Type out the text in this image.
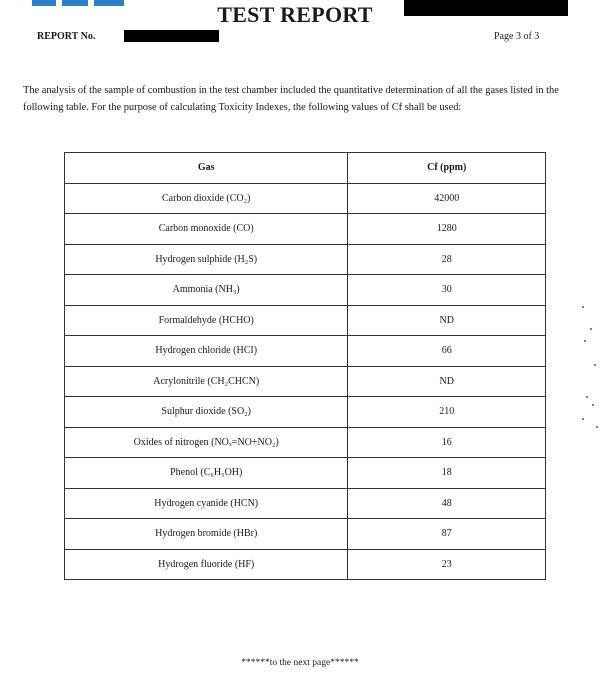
TEST REPORT
REPORT No.	Page 3 of 3
The analysis of the sample of combustion in the test chamber included the quantitative determination of all the gases listed in the following table. For the purpose of calculating Toxicity Indexes, the following values of Cf shall be used:
Gas	Cf (ppm)
Carbon dioxide (CO₂)	42000
Carbon monoxide (CO)	1280
Hydrogen sulphide (H₂S)	28
Ammonia (NH₃)	30
Formaldehyde (HCHO)	ND
Hydrogen chloride (HCI)	66
Acrylonitrile (CH₂CHCN)	ND
Sulphur dioxide (SO₂)	210
Oxides of nitrogen (NOₓ=NO+NO₂)	16
Phenol (C₆H₅OH)	18
Hydrogen cyanide (HCN)	48
Hydrogen bromide (HBr)	87
Hydrogen fluoride (HF)	23
******to the next page******
